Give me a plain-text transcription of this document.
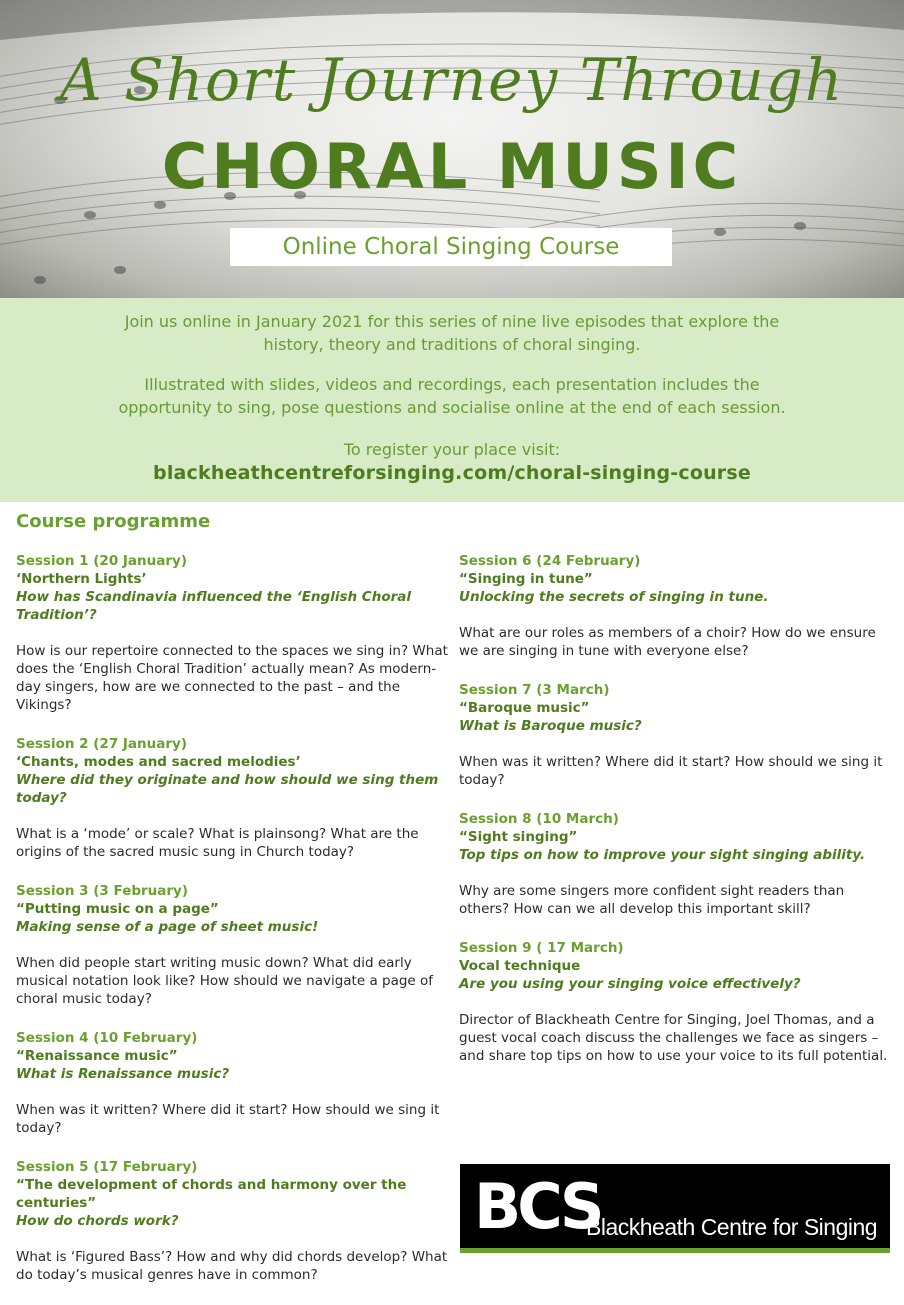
A Short Journey Through
CHORAL MUSIC
Online Choral Singing Course

Join us online in January 2021 for this series of nine live episodes that explore the history, theory and traditions of choral singing.

Illustrated with slides, videos and recordings, each presentation includes the opportunity to sing, pose questions and socialise online at the end of each session.

To register your place visit:

blackheathcentreforsinging.com/choral-singing-course

Course programme
Session 1 (20 January)
‘Northern Lights’
How has Scandinavia influenced the ‘English Choral Tradition’?
How is our repertoire connected to the spaces we sing in? What does the ‘English Choral Tradition’ actually mean? As modern-day singers, how are we connected to the past – and the Vikings?
Session 2 (27 January)
‘Chants, modes and sacred melodies’
Where did they originate and how should we sing them today?
What is a ‘mode’ or scale? What is plainsong? What are the origins of the sacred music sung in Church today?
Session 3 (3 February)
“Putting music on a page”
Making sense of a page of sheet music!
When did people start writing music down? What did early musical notation look like? How should we navigate a page of choral music today?
Session 4 (10 February)
“Renaissance music”
What is Renaissance music?
When was it written? Where did it start? How should we sing it today?
Session 5 (17 February)
“The development of chords and harmony over the centuries”
How do chords work?
What is ‘Figured Bass’? How and why did chords develop? What do today’s musical genres have in common?
Session 6 (24 February)
“Singing in tune”
Unlocking the secrets of singing in tune.
What are our roles as members of a choir? How do we ensure we are singing in tune with everyone else?
Session 7 (3 March)
“Baroque music”
What is Baroque music?
When was it written? Where did it start? How should we sing it today?
Session 8 (10 March)
“Sight singing”
Top tips on how to improve your sight singing ability.
Why are some singers more confident sight readers than others? How can we all develop this important skill?
Session 9 ( 17 March)
Vocal technique
Are you using your singing voice effectively?
Director of Blackheath Centre for Singing, Joel Thomas, and a guest vocal coach discuss the challenges we face as singers – and share top tips on how to use your voice to its full potential.
BCS
Blackheath Centre for Singing
